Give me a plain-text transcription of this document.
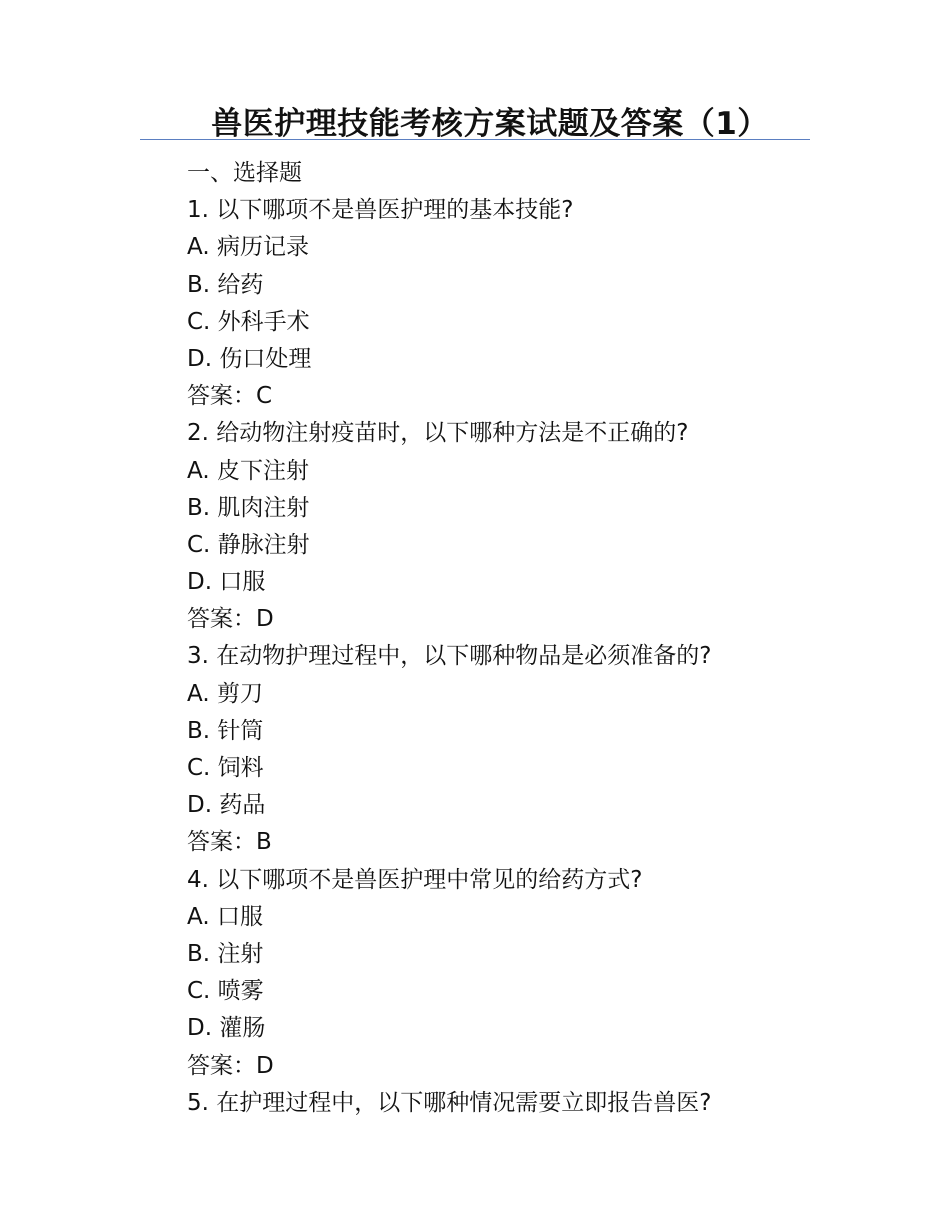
兽医护理技能考核方案试题及答案（1）
一、选择题
1. 以下哪项不是兽医护理的基本技能?
A. 病历记录
B. 给药
C. 外科手术
D. 伤口处理
答案：C
2. 给动物注射疫苗时，以下哪种方法是不正确的?
A. 皮下注射
B. 肌肉注射
C. 静脉注射
D. 口服
答案：D
3. 在动物护理过程中，以下哪种物品是必须准备的?
A. 剪刀
B. 针筒
C. 饲料
D. 药品
答案：B
4. 以下哪项不是兽医护理中常见的给药方式?
A. 口服
B. 注射
C. 喷雾
D. 灌肠
答案：D
5. 在护理过程中，以下哪种情况需要立即报告兽医?
